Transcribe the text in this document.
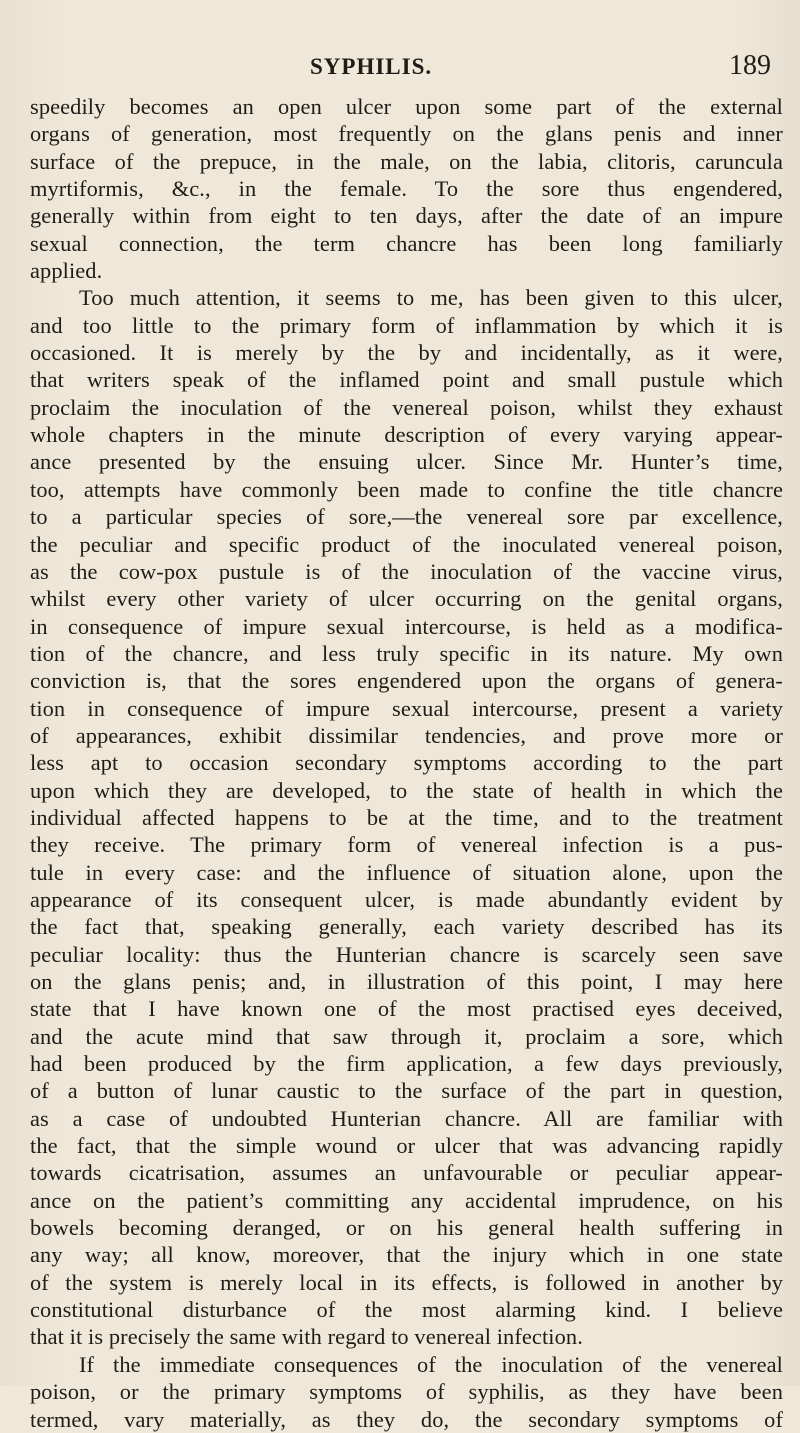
SYPHILIS.	189
speedily becomes an open ulcer upon some part of the external
organs of generation, most frequently on the glans penis and inner
surface of the prepuce, in the male, on the labia, clitoris, caruncula
myrtiformis, &c., in the female. To the sore thus engendered,
generally within from eight to ten days, after the date of an impure
sexual connection, the term chancre has been long familiarly
applied.
Too much attention, it seems to me, has been given to this ulcer,
and too little to the primary form of inflammation by which it is
occasioned. It is merely by the by and incidentally, as it were,
that writers speak of the inflamed point and small pustule which
proclaim the inoculation of the venereal poison, whilst they exhaust
whole chapters in the minute description of every varying appear-
ance presented by the ensuing ulcer. Since Mr. Hunter’s time,
too, attempts have commonly been made to confine the title chancre
to a particular species of sore,—the venereal sore par excellence,
the peculiar and specific product of the inoculated venereal poison,
as the cow-pox pustule is of the inoculation of the vaccine virus,
whilst every other variety of ulcer occurring on the genital organs,
in consequence of impure sexual intercourse, is held as a modifica-
tion of the chancre, and less truly specific in its nature. My own
conviction is, that the sores engendered upon the organs of genera-
tion in consequence of impure sexual intercourse, present a variety
of appearances, exhibit dissimilar tendencies, and prove more or
less apt to occasion secondary symptoms according to the part
upon which they are developed, to the state of health in which the
individual affected happens to be at the time, and to the treatment
they receive. The primary form of venereal infection is a pus-
tule in every case: and the influence of situation alone, upon the
appearance of its consequent ulcer, is made abundantly evident by
the fact that, speaking generally, each variety described has its
peculiar locality: thus the Hunterian chancre is scarcely seen save
on the glans penis; and, in illustration of this point, I may here
state that I have known one of the most practised eyes deceived,
and the acute mind that saw through it, proclaim a sore, which
had been produced by the firm application, a few days previously,
of a button of lunar caustic to the surface of the part in question,
as a case of undoubted Hunterian chancre. All are familiar with
the fact, that the simple wound or ulcer that was advancing rapidly
towards cicatrisation, assumes an unfavourable or peculiar appear-
ance on the patient’s committing any accidental imprudence, on his
bowels becoming deranged, or on his general health suffering in
any way; all know, moreover, that the injury which in one state
of the system is merely local in its effects, is followed in another by
constitutional disturbance of the most alarming kind. I believe
that it is precisely the same with regard to venereal infection.
If the immediate consequences of the inoculation of the venereal
poison, or the primary symptoms of syphilis, as they have been
termed, vary materially, as they do, the secondary symptoms of
